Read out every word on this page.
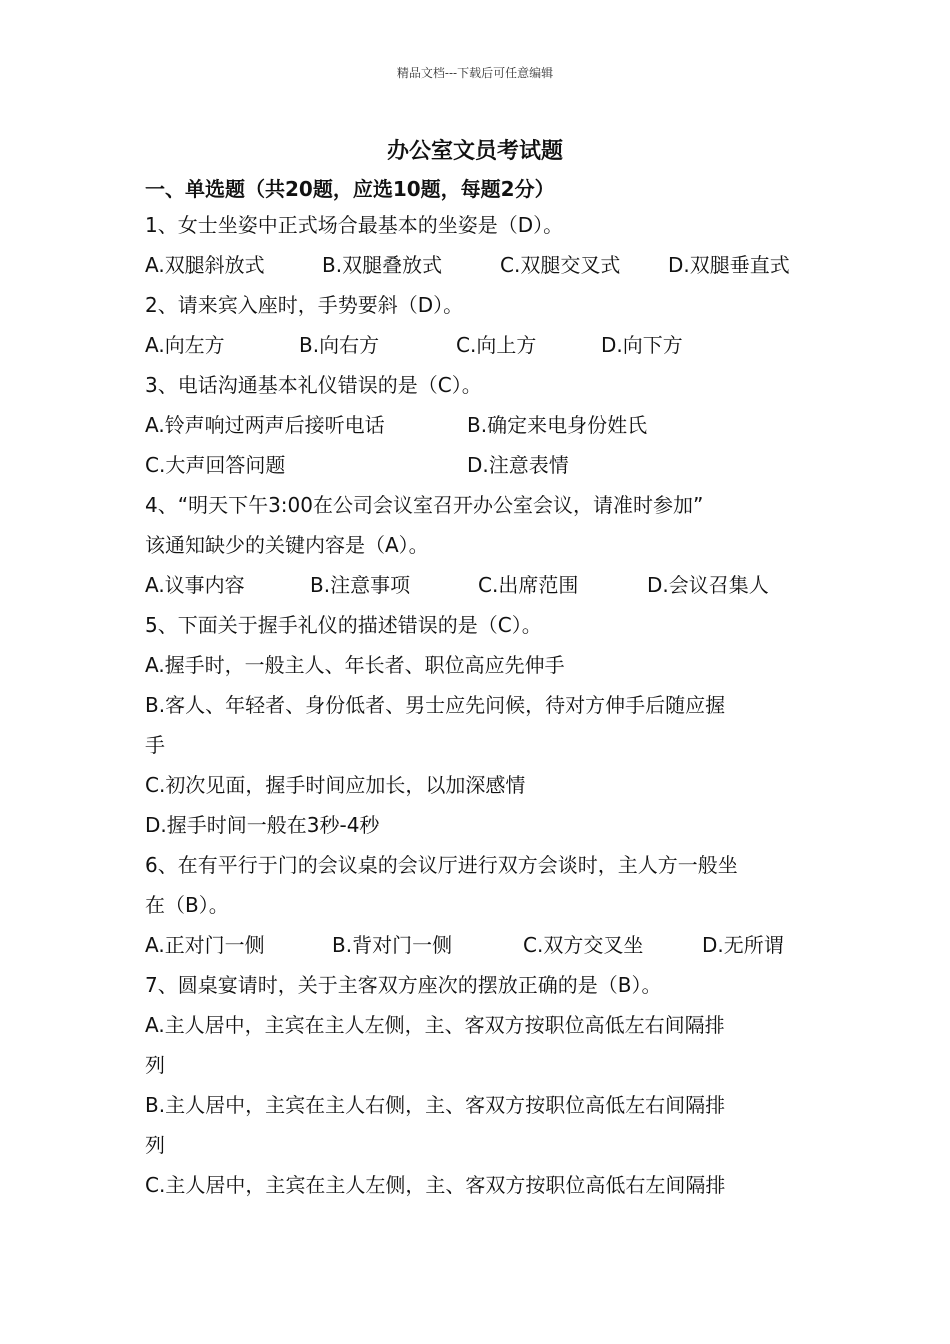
精品文档---下载后可任意编辑
办公室文员考试题
一、单选题（共20题，应选10题，每题2分）
1、女士坐姿中正式场合最基本的坐姿是（D）。
A.双腿斜放式	B.双腿叠放式	C.双腿交叉式 D.双腿垂直式
2、请来宾入座时，手势要斜（D）。
A.向左方	B.向右方	C.向上方	D.向下方
3、电话沟通基本礼仪错误的是（C）。
A.铃声响过两声后接听电话	B.确定来电身份姓氏
C.大声回答问题	D.注意表情
4、“明天下午3:00在公司会议室召开办公室会议，请准时参加”
该通知缺少的关键内容是（A）。
A.议事内容	B.注意事项	C.出席范围	D.会议召集人
5、下面关于握手礼仪的描述错误的是（C）。
A.握手时，一般主人、年长者、职位高应先伸手
B.客人、年轻者、身份低者、男士应先问候，待对方伸手后随应握
手
C.初次见面，握手时间应加长，以加深感情
D.握手时间一般在3秒-4秒
6、在有平行于门的会议桌的会议厅进行双方会谈时，主人方一般坐
在（B）。
A.正对门一侧	B.背对门一侧	C.双方交叉坐	D.无所谓
7、圆桌宴请时，关于主客双方座次的摆放正确的是（B）。
A.主人居中，主宾在主人左侧，主、客双方按职位高低左右间隔排
列
B.主人居中，主宾在主人右侧，主、客双方按职位高低左右间隔排
列
C.主人居中，主宾在主人左侧，主、客双方按职位高低右左间隔排
